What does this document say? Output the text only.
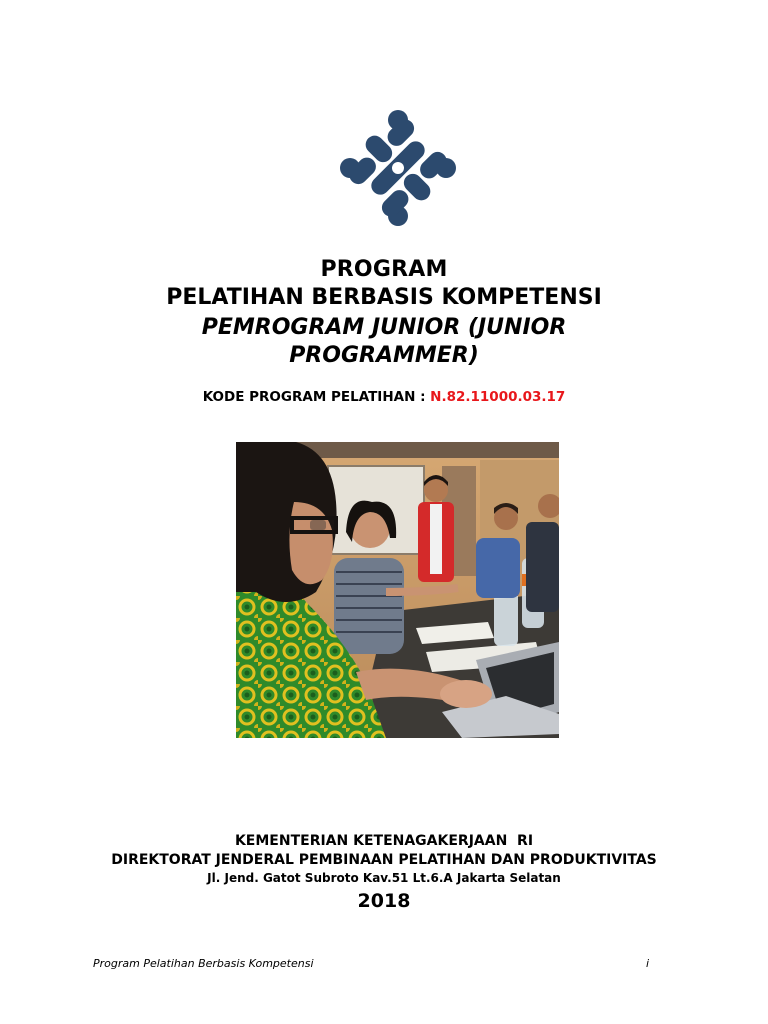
PROGRAM
PELATIHAN BERBASIS KOMPETENSI
PEMROGRAM JUNIOR (JUNIOR PROGRAMMER)
KODE PROGRAM PELATIHAN : N.82.11000.03.17
KEMENTERIAN KETENAGAKERJAAN  RI
DIREKTORAT JENDERAL PEMBINAAN PELATIHAN DAN PRODUKTIVITAS
Jl. Jend. Gatot Subroto Kav.51 Lt.6.A Jakarta Selatan
2018
Program Pelatihan Berbasis Kompetensi	i
